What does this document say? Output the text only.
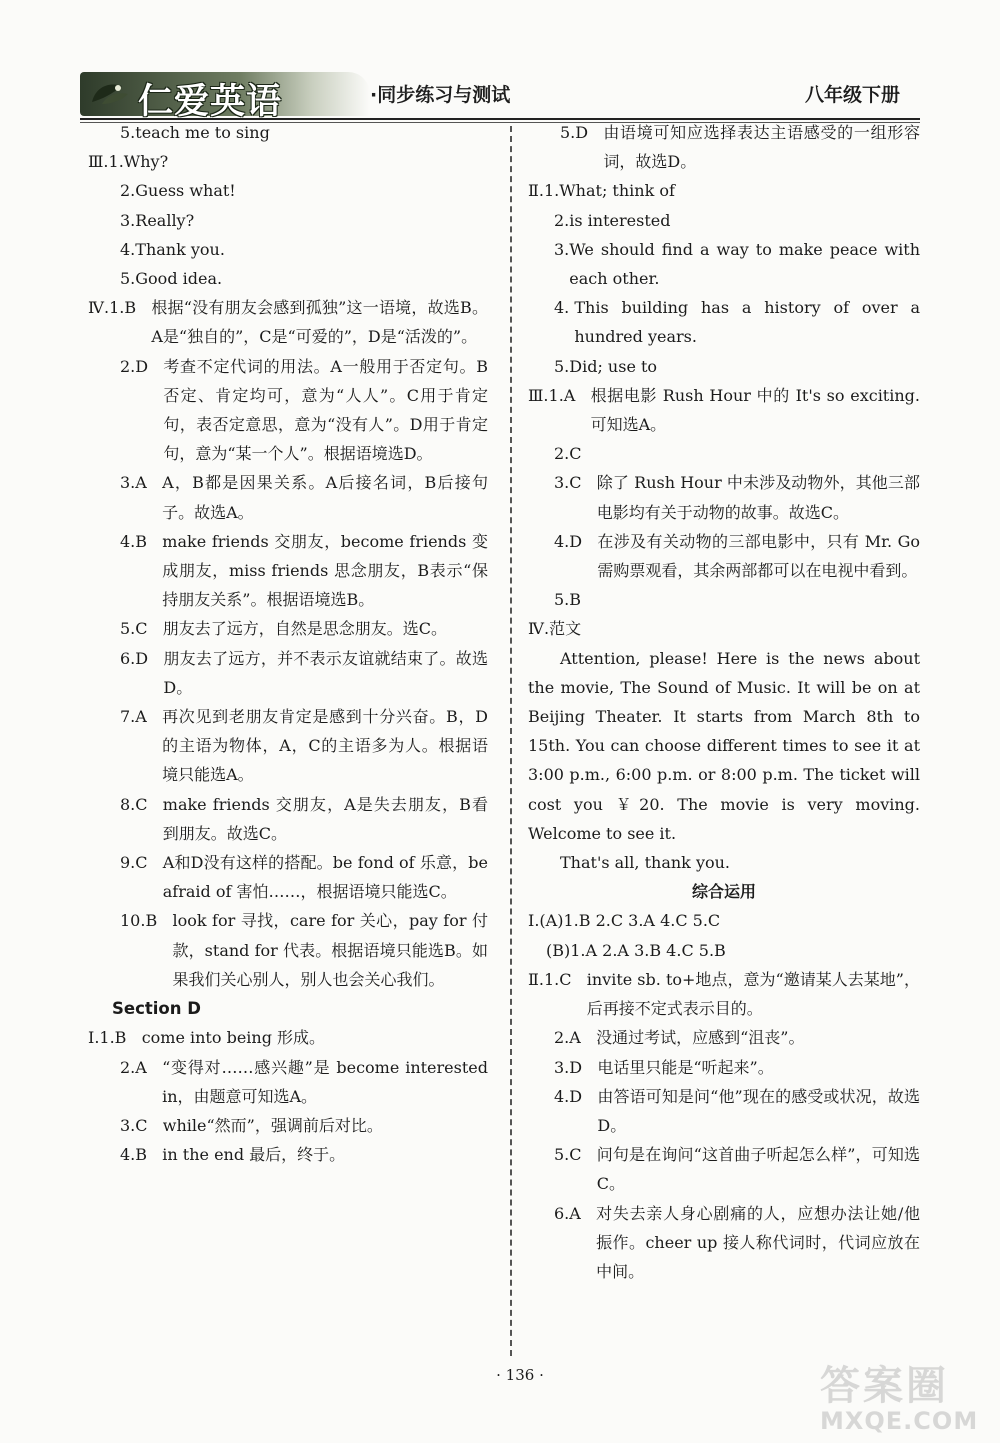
仁爱英语	·同步练习与测试	八年级下册
5. teach me to sing
Ⅲ.1. Why?
2. Guess what!
3. Really?
4. Thank you.
5. Good idea.
Ⅳ.1.B 根据“没有朋友会感到孤独”这一语境，故选B。A是“独自的”，C是“可爱的”，D是“活泼的”。
2.D 考查不定代词的用法。A一般用于否定句。B否定、肯定均可，意为“人人”。C用于肯定句，表否定意思，意为“没有人”。D用于肯定句，意为“某一个人”。根据语境选D。
3.A A，B都是因果关系。A后接名词，B后接句子。故选A。
4.B make friends 交朋友，become friends 变成朋友，miss friends 思念朋友，B表示“保持朋友关系”。根据语境选B。
5.C 朋友去了远方，自然是思念朋友。选C。
6.D 朋友去了远方，并不表示友谊就结束了。故选D。
7.A 再次见到老朋友肯定是感到十分兴奋。B，D的主语为物体，A，C的主语多为人。根据语境只能选A。
8.C make friends 交朋友，A是失去朋友，B看到朋友。故选C。
9.C A和D没有这样的搭配。be fond of 乐意，be afraid of 害怕……，根据语境只能选C。
10.B look for 寻找，care for 关心，pay for 付款，stand for 代表。根据语境只能选B。如果我们关心别人，别人也会关心我们。
Section D
Ⅰ.1.B come into being 形成。
2.A “变得对……感兴趣”是 become interested in，由题意可知选A。
3.C while“然而”，强调前后对比。
4.B in the end 最后，终于。
5.D 由语境可知应选择表达主语感受的一组形容词，故选D。
Ⅱ.1. What; think of
2. is interested
3. We should find a way to make peace with each other.
4. This building has a history of over a hundred years.
5. Did; use to
Ⅲ.1.A 根据电影 Rush Hour 中的 It's so exciting. 可知选A。
2.C
3.C 除了 Rush Hour 中未涉及动物外，其他三部电影均有关于动物的故事。故选C。
4.D 在涉及有关动物的三部电影中，只有 Mr. Go 需购票观看，其余两部都可以在电视中看到。
5.B
Ⅳ. 范文
Attention, please! Here is the news about the movie, The Sound of Music. It will be on at Beijing Theater. It starts from March 8th to 15th. You can choose different times to see it at 3:00 p.m., 6:00 p.m. or 8:00 p.m. The ticket will cost you ￥20. The movie is very moving. Welcome to see it.
That's all, thank you.
综合运用
Ⅰ.(A) 1.B 2.C 3.A 4.C 5.C
(B) 1.A 2.A 3.B 4.C 5.B
Ⅱ.1.C invite sb. to+地点，意为“邀请某人去某地”，后再接不定式表示目的。
2.A 没通过考试，应感到“沮丧”。
3.D 电话里只能是“听起来”。
4.D 由答语可知是问“他”现在的感受或状况，故选D。
5.C 问句是在询问“这首曲子听起怎么样”，可知选C。
6.A 对失去亲人身心剧痛的人，应想办法让她/他振作。cheer up 接人称代词时，代词应放在中间。
· 136 ·	答案圈
MXQE.COM
